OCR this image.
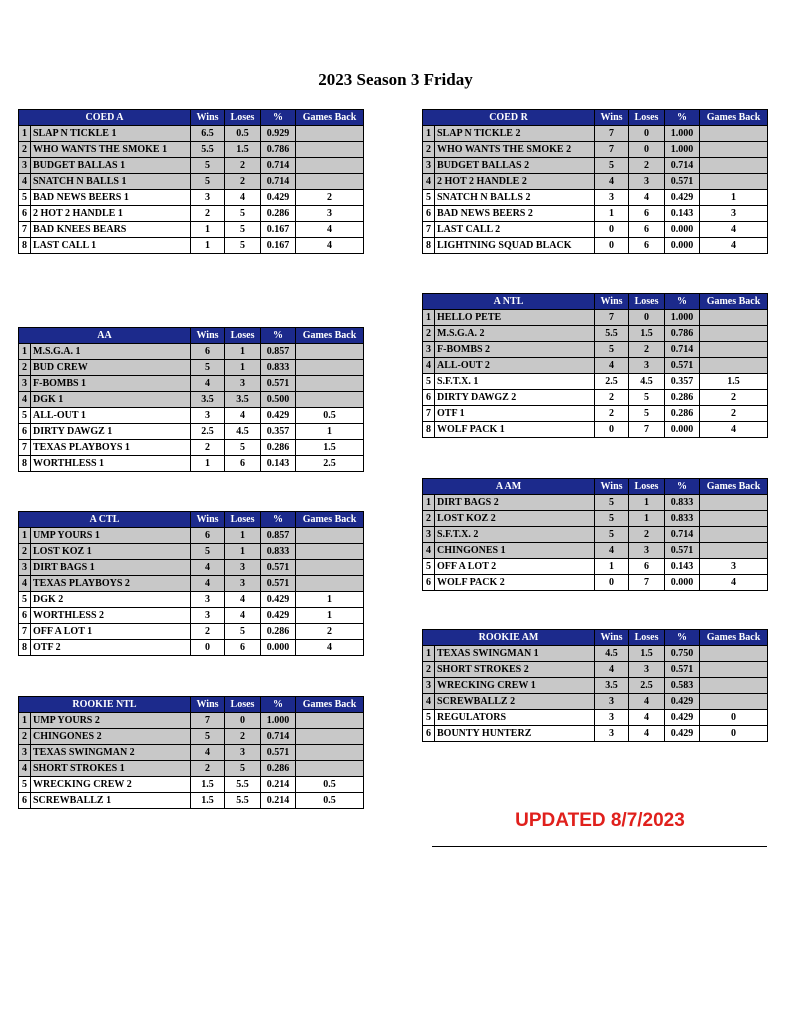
2023 Season 3 Friday
COED A		Wins	Loses	%	Games Back
1	SLAP N TICKLE 1	6.5	0.5	0.929	
2	WHO WANTS THE SMOKE 1	5.5	1.5	0.786	
3	BUDGET BALLAS 1	5	2	0.714	
4	SNATCH N BALLS 1	5	2	0.714	
5	BAD NEWS BEERS 1	3	4	0.429	2
6	2 HOT 2 HANDLE 1	2	5	0.286	3
7	BAD KNEES BEARS	1	5	0.167	4
8	LAST CALL 1	1	5	0.167	4
COED R		Wins	Loses	%	Games Back
1	SLAP N TICKLE 2	7	0	1.000	
2	WHO WANTS THE SMOKE 2	7	0	1.000	
3	BUDGET BALLAS 2	5	2	0.714	
4	2 HOT 2 HANDLE 2	4	3	0.571	
5	SNATCH N BALLS 2	3	4	0.429	1
6	BAD NEWS BEERS 2	1	6	0.143	3
7	LAST CALL 2	0	6	0.000	4
8	LIGHTNING SQUAD BLACK	0	6	0.000	4
A NTL		Wins	Loses	%	Games Back
1	HELLO PETE	7	0	1.000	
2	M.S.G.A. 2	5.5	1.5	0.786	
3	F-BOMBS 2	5	2	0.714	
4	ALL-OUT 2	4	3	0.571	
5	S.F.T.X. 1	2.5	4.5	0.357	1.5
6	DIRTY DAWGZ 2	2	5	0.286	2
7	OTF 1	2	5	0.286	2
8	WOLF PACK 1	0	7	0.000	4
AA		Wins	Loses	%	Games Back
1	M.S.G.A. 1	6	1	0.857	
2	BUD CREW	5	1	0.833	
3	F-BOMBS 1	4	3	0.571	
4	DGK 1	3.5	3.5	0.500	
5	ALL-OUT 1	3	4	0.429	0.5
6	DIRTY DAWGZ 1	2.5	4.5	0.357	1
7	TEXAS PLAYBOYS 1	2	5	0.286	1.5
8	WORTHLESS 1	1	6	0.143	2.5
A AM		Wins	Loses	%	Games Back
1	DIRT BAGS 2	5	1	0.833	
2	LOST KOZ 2	5	1	0.833	
3	S.F.T.X. 2	5	2	0.714	
4	CHINGONES 1	4	3	0.571	
5	OFF A LOT 2	1	6	0.143	3
6	WOLF PACK 2	0	7	0.000	4
A CTL		Wins	Loses	%	Games Back
1	UMP YOURS 1	6	1	0.857	
2	LOST KOZ 1	5	1	0.833	
3	DIRT BAGS 1	4	3	0.571	
4	TEXAS PLAYBOYS 2	4	3	0.571	
5	DGK 2	3	4	0.429	1
6	WORTHLESS 2	3	4	0.429	1
7	OFF A LOT 1	2	5	0.286	2
8	OTF 2	0	6	0.000	4
ROOKIE AM		Wins	Loses	%	Games Back
1	TEXAS SWINGMAN 1	4.5	1.5	0.750	
2	SHORT STROKES 2	4	3	0.571	
3	WRECKING CREW 1	3.5	2.5	0.583	
4	SCREWBALLZ 2	3	4	0.429	
5	REGULATORS	3	4	0.429	0
6	BOUNTY HUNTERZ	3	4	0.429	0
ROOKIE NTL		Wins	Loses	%	Games Back
1	UMP YOURS 2	7	0	1.000	
2	CHINGONES 2	5	2	0.714	
3	TEXAS SWINGMAN 2	4	3	0.571	
4	SHORT STROKES 1	2	5	0.286	
5	WRECKING CREW 2	1.5	5.5	0.214	0.5
6	SCREWBALLZ 1	1.5	5.5	0.214	0.5
UPDATED 8/7/2023
